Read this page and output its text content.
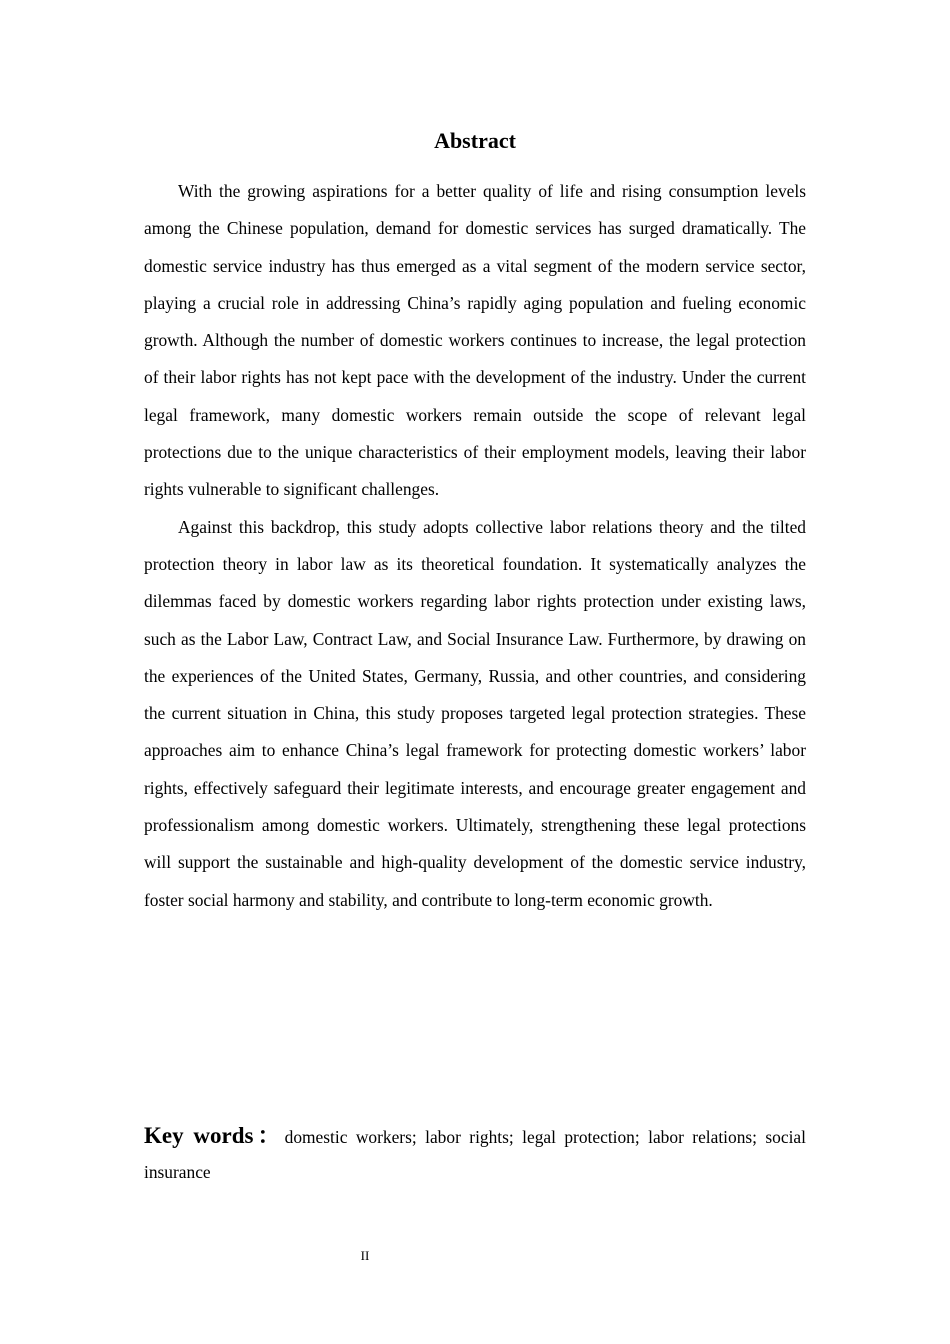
Abstract

With the growing aspirations for a better quality of life and rising consumption levels among the Chinese population, demand for domestic services has surged dramatically. The domestic service industry has thus emerged as a vital segment of the modern service sector, playing a crucial role in addressing China’s rapidly aging population and fueling economic growth. Although the number of domestic workers continues to increase, the legal protection of their labor rights has not kept pace with the development of the industry. Under the current legal framework, many domestic workers remain outside the scope of relevant legal protections due to the unique characteristics of their employment models, leaving their labor rights vulnerable to significant challenges.

Against this backdrop, this study adopts collective labor relations theory and the tilted protection theory in labor law as its theoretical foundation. It systematically analyzes the dilemmas faced by domestic workers regarding labor rights protection under existing laws, such as the Labor Law, Contract Law, and Social Insurance Law. Furthermore, by drawing on the experiences of the United States, Germany, Russia, and other countries, and considering the current situation in China, this study proposes targeted legal protection strategies. These approaches aim to enhance China’s legal framework for protecting domestic workers’ labor rights, effectively safeguard their legitimate interests, and encourage greater engagement and professionalism among domestic workers. Ultimately, strengthening these legal protections will support the sustainable and high-quality development of the domestic service industry, foster social harmony and stability, and contribute to long-term economic growth.

Key words：domestic workers; labor rights; legal protection; labor relations; social insurance
II
